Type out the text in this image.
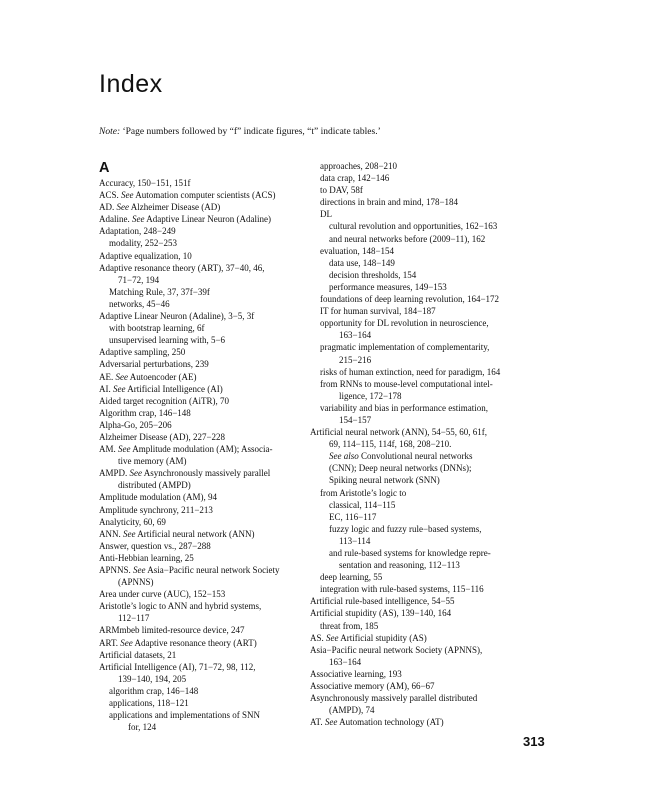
Index

Note: ‘Page numbers followed by “f” indicate figures, “t” indicate tables.’

A

Accuracy, 150−151, 151f
ACS. See Automation computer scientists (ACS)
AD. See Alzheimer Disease (AD)
Adaline. See Adaptive Linear Neuron (Adaline)
Adaptation, 248−249
modality, 252−253
Adaptive equalization, 10
Adaptive resonance theory (ART), 37−40, 46,
71−72, 194
Matching Rule, 37, 37f−39f
networks, 45−46
Adaptive Linear Neuron (Adaline), 3−5, 3f
with bootstrap learning, 6f
unsupervised learning with, 5−6
Adaptive sampling, 250
Adversarial perturbations, 239
AE. See Autoencoder (AE)
AI. See Artificial Intelligence (AI)
Aided target recognition (AiTR), 70
Algorithm crap, 146−148
Alpha-Go, 205−206
Alzheimer Disease (AD), 227−228
AM. See Amplitude modulation (AM); Associa-
tive memory (AM)
AMPD. See Asynchronously massively parallel
distributed (AMPD)
Amplitude modulation (AM), 94
Amplitude synchrony, 211−213
Analyticity, 60, 69
ANN. See Artificial neural network (ANN)
Answer, question vs., 287−288
Anti-Hebbian learning, 25
APNNS. See Asia−Pacific neural network Society
(APNNS)
Area under curve (AUC), 152−153
Aristotle’s logic to ANN and hybrid systems,
112−117
ARMmbeb limited-resource device, 247
ART. See Adaptive resonance theory (ART)
Artificial datasets, 21
Artificial Intelligence (AI), 71−72, 98, 112,
139−140, 194, 205
algorithm crap, 146−148
applications, 118−121
applications and implementations of SNN
for, 124
approaches, 208−210
data crap, 142−146
to DAV, 58f
directions in brain and mind, 178−184
DL
cultural revolution and opportunities, 162−163
and neural networks before (2009−11), 162
evaluation, 148−154
data use, 148−149
decision thresholds, 154
performance measures, 149−153
foundations of deep learning revolution, 164−172
IT for human survival, 184−187
opportunity for DL revolution in neuroscience,
163−164
pragmatic implementation of complementarity,
215−216
risks of human extinction, need for paradigm, 164
from RNNs to mouse-level computational intel-
ligence, 172−178
variability and bias in performance estimation,
154−157
Artificial neural network (ANN), 54−55, 60, 61f,
69, 114−115, 114f, 168, 208−210.
See also Convolutional neural networks
(CNN); Deep neural networks (DNNs);
Spiking neural network (SNN)
from Aristotle’s logic to
classical, 114−115
EC, 116−117
fuzzy logic and fuzzy rule−based systems,
113−114
and rule-based systems for knowledge repre-
sentation and reasoning, 112−113
deep learning, 55
integration with rule-based systems, 115−116
Artificial rule-based intelligence, 54−55
Artificial stupidity (AS), 139−140, 164
threat from, 185
AS. See Artificial stupidity (AS)
Asia−Pacific neural network Society (APNNS),
163−164
Associative learning, 193
Associative memory (AM), 66−67
Asynchronously massively parallel distributed
(AMPD), 74
AT. See Automation technology (AT)

313
